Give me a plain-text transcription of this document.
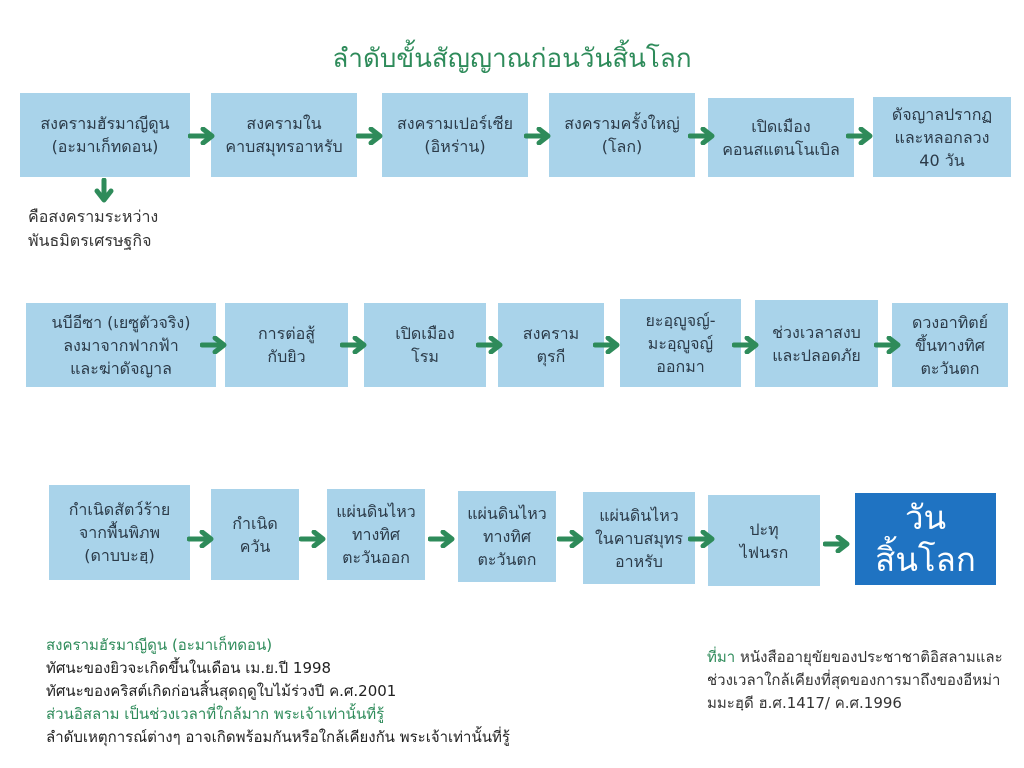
ลำดับขั้นสัญญาณก่อนวันสิ้นโลก
สงครามฮัรมาญีดูน
(อะมาเก็ทดอน)
สงครามใน
คาบสมุทรอาหรับ
สงครามเปอร์เซีย
(อิหร่าน)
สงครามครั้งใหญ่
(โลก)
เปิดเมือง
คอนสแตนโนเบิล
ดัจญาลปรากฏ
และหลอกลวง
40 วัน
คือสงครามระหว่าง
พันธมิตรเศรษฐกิจ
นบีอีซา (เยซูตัวจริง)
ลงมาจากฟากฟ้า
และฆ่าดัจญาล
การต่อสู้
กับยิว
เปิดเมือง
โรม
สงคราม
ตุรกี
ยะอฺญูจญ์-
มะอฺญูจญ์
ออกมา
ช่วงเวลาสงบ
และปลอดภัย
ดวงอาทิตย์
ขึ้นทางทิศ
ตะวันตก
กำเนิดสัตว์ร้าย
จากพื้นพิภพ
(ดาบบะฮฺ)
กำเนิด
ควัน
แผ่นดินไหว
ทางทิศ
ตะวันออก
แผ่นดินไหว
ทางทิศ
ตะวันตก
แผ่นดินไหว
ในคาบสมุทร
อาหรับ
ปะทุ
ไฟนรก
วัน
สิ้นโลก
สงครามฮัรมาญีดูน (อะมาเก็ทดอน)
ทัศนะของยิวจะเกิดขึ้นในเดือน เม.ย.ปี 1998
ทัศนะของคริสต์เกิดก่อนสิ้นสุดฤดูใบไม้ร่วงปี ค.ศ.2001
ส่วนอิสลาม เป็นช่วงเวลาที่ใกล้มาก พระเจ้าเท่านั้นที่รู้
ลำดับเหตุการณ์ต่างๆ อาจเกิดพร้อมกันหรือใกล้เคียงกัน พระเจ้าเท่านั้นที่รู้
ที่มา หนังสืออายุขัยของประชาชาติอิสลามและช่วงเวลาใกล้เคียงที่สุดของการมาถึงของอีหม่ามมะฮฺดี ฮ.ศ.1417/ ค.ศ.1996
